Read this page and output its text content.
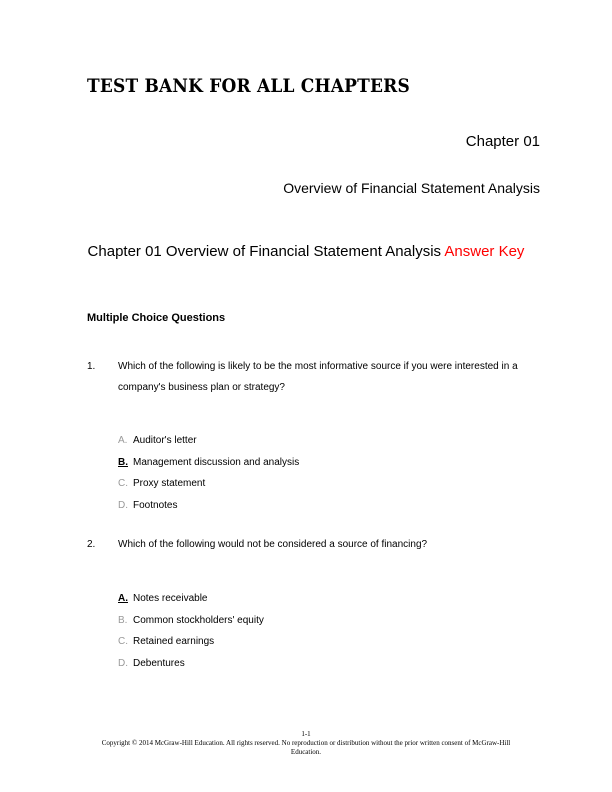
TEST BANK FOR ALL CHAPTERS
Chapter 01
Overview of Financial Statement Analysis
Chapter 01 Overview of Financial Statement Analysis Answer Key
Multiple Choice Questions
1. Which of the following is likely to be the most informative source if you were interested in a company's business plan or strategy?
A. Auditor's letter
B. Management discussion and analysis
C. Proxy statement
D. Footnotes
2. Which of the following would not be considered a source of financing?
A. Notes receivable
B. Common stockholders' equity
C. Retained earnings
D. Debentures
1-1
Copyright © 2014 McGraw-Hill Education. All rights reserved. No reproduction or distribution without the prior written consent of McGraw-Hill Education.
